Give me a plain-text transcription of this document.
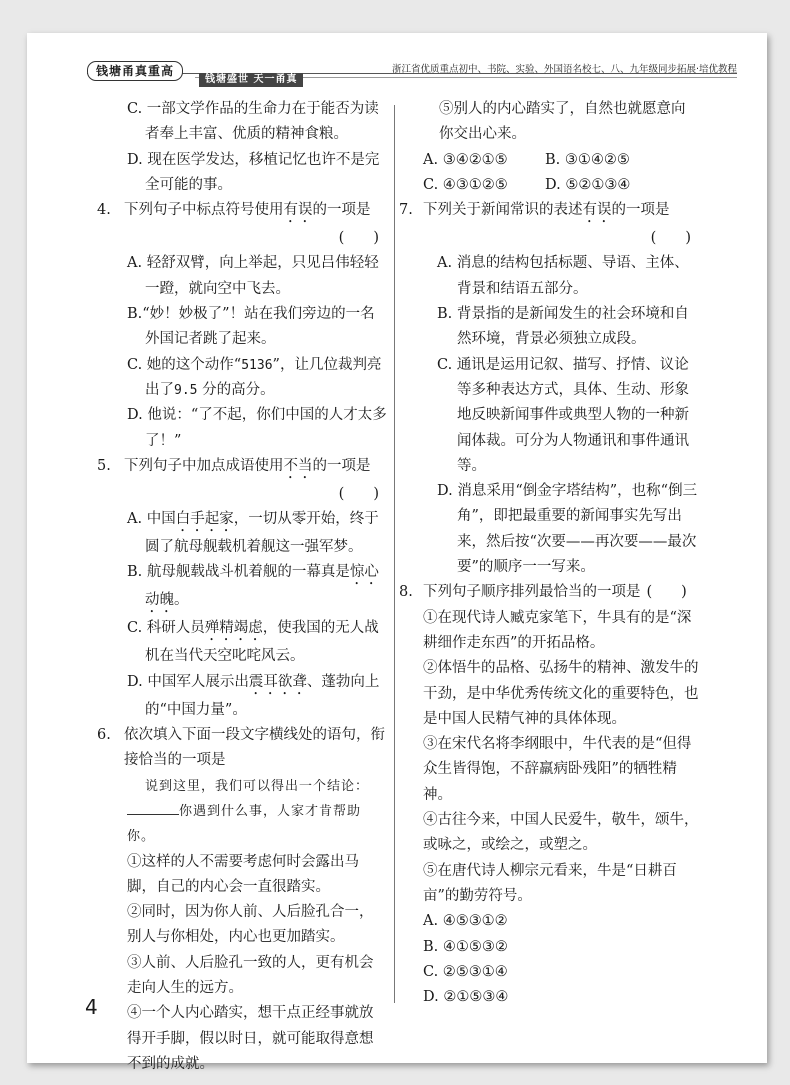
钱塘甬真重高
钱塘盛世 天一甬真
浙江省优质重点初中、书院、实验、外国语名校七、八、九年级同步拓展·培优教程
C. 一部文学作品的生命力在于能否为读者奉上丰富、优质的精神食粮。
D. 现在医学发达，移植记忆也许不是完全可能的事。
4. 下列句子中标点符号使用有误的一项是
(　　)
A. 轻舒双臂，向上举起，只见吕伟轻轻一蹬，就向空中飞去。
B.“妙！妙极了”！站在我们旁边的一名外国记者跳了起来。
C. 她的这个动作“5136”，让几位裁判亮出了9.5 分的高分。
D. 他说：“了不起，你们中国的人才太多了！”
5. 下列句子中加点成语使用不当的一项是
(　　)
A. 中国白手起家，一切从零开始，终于圆了航母舰载机着舰这一强军梦。
B. 航母舰载战斗机着舰的一幕真是惊心动魄。
C. 科研人员殚精竭虑，使我国的无人战机在当代天空叱咤风云。
D. 中国军人展示出震耳欲聋、蓬勃向上的“中国力量”。
6. 依次填入下面一段文字横线处的语句，衔接恰当的一项是
说到这里，我们可以得出一个结论：
你遇到什么事，人家才肯帮助你。
①这样的人不需要考虑何时会露出马脚，自己的内心会一直很踏实。
②同时，因为你人前、人后脸孔合一，别人与你相处，内心也更加踏实。
③人前、人后脸孔一致的人，更有机会走向人生的远方。
④一个人内心踏实，想干点正经事就放得开手脚，假以时日，就可能取得意想不到的成就。
⑤别人的内心踏实了，自然也就愿意向你交出心来。
A. ③④②①⑤	B. ③①④②⑤
C. ④③①②⑤	D. ⑤②①③④
7. 下列关于新闻常识的表述有误的一项是
(　　)
A. 消息的结构包括标题、导语、主体、背景和结语五部分。
B. 背景指的是新闻发生的社会环境和自然环境，背景必须独立成段。
C. 通讯是运用记叙、描写、抒情、议论等多种表达方式，具体、生动、形象地反映新闻事件或典型人物的一种新闻体裁。可分为人物通讯和事件通讯等。
D. 消息采用“倒金字塔结构”，也称“倒三角”，即把最重要的新闻事实先写出来，然后按“次要——再次要——最次要”的顺序一一写来。
8. 下列句子顺序排列最恰当的一项是 (　　)
①在现代诗人臧克家笔下，牛具有的是“深耕细作走东西”的开拓品格。
②体悟牛的品格、弘扬牛的精神、激发牛的干劲，是中华优秀传统文化的重要特色，也是中国人民精气神的具体体现。
③在宋代名将李纲眼中，牛代表的是“但得众生皆得饱，不辞羸病卧残阳”的牺牲精神。
④古往今来，中国人民爱牛，敬牛，颂牛，或咏之，或绘之，或塑之。
⑤在唐代诗人柳宗元看来，牛是“日耕百亩”的勤劳符号。
A. ④⑤③①②
B. ④①⑤③②
C. ②⑤③①④
D. ②①⑤③④
4
